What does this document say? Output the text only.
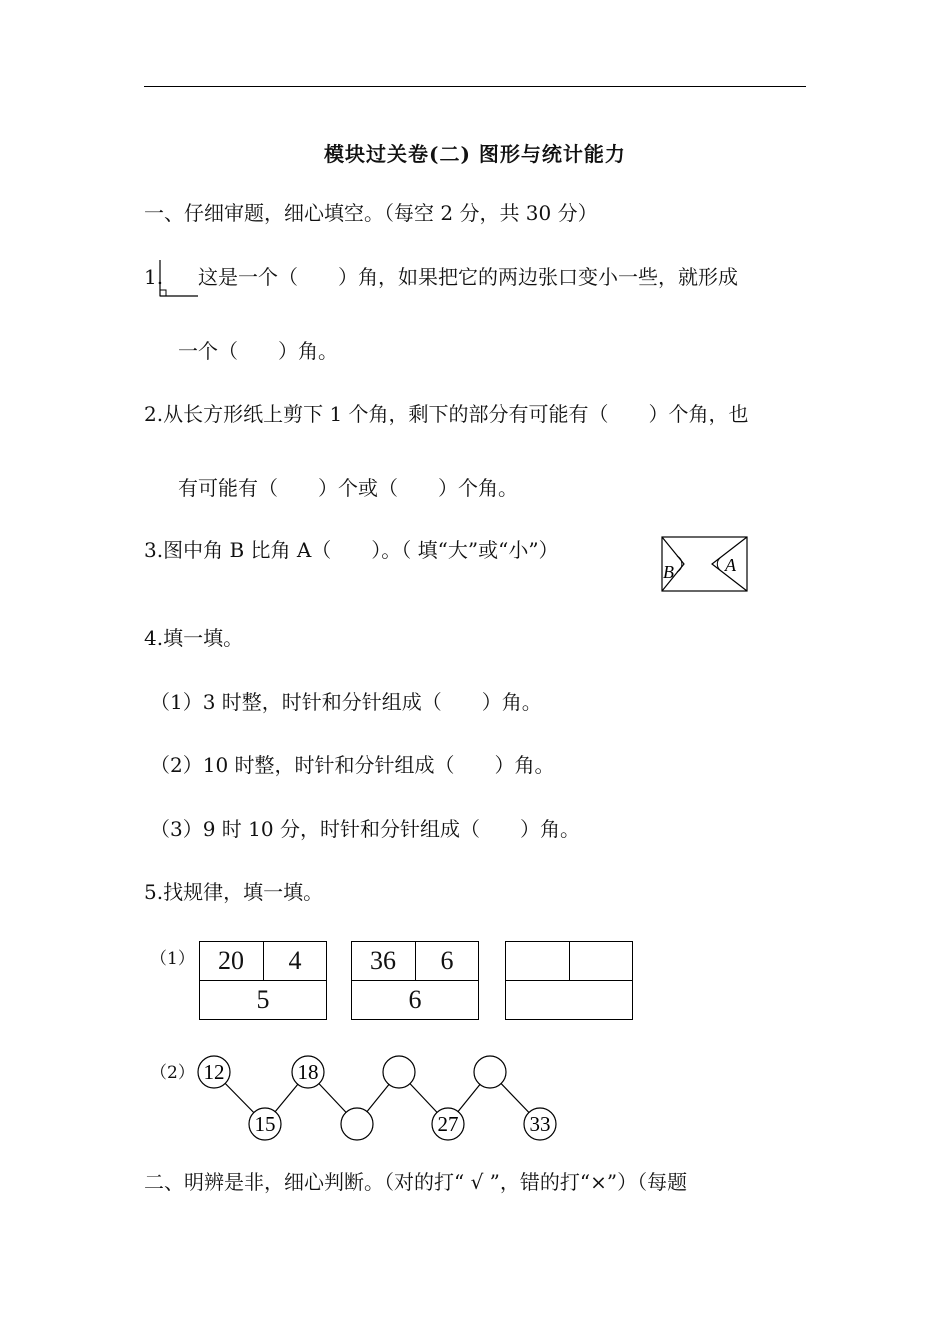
模块过关卷(二) 图形与统计能力
一、仔细审题，细心填空。（每空 2 分，共 30 分）
1. 这是一个（　　）角，如果把它的两边张口变小一些，就形成
一个（　　）角。
2.从长方形纸上剪下 1 个角，剩下的部分有可能有（　　）个角，也
有可能有（　　）个或（　　）个角。
3.图中角 B 比角 A（　　）。（ 填“大”或“小”）
B	A
4.填一填。
（1）3 时整，时针和分针组成（　　）角。
（2）10 时整，时针和分针组成（　　）角。
（3）9 时 10 分，时针和分针组成（　　）角。
5.找规律，填一填。
（1） 20	4
5
36	6
6
（2） 12
15
18
27	33
二、明辨是非，细心判断。（对的打“ √ ”，错的打“×”）（每题
